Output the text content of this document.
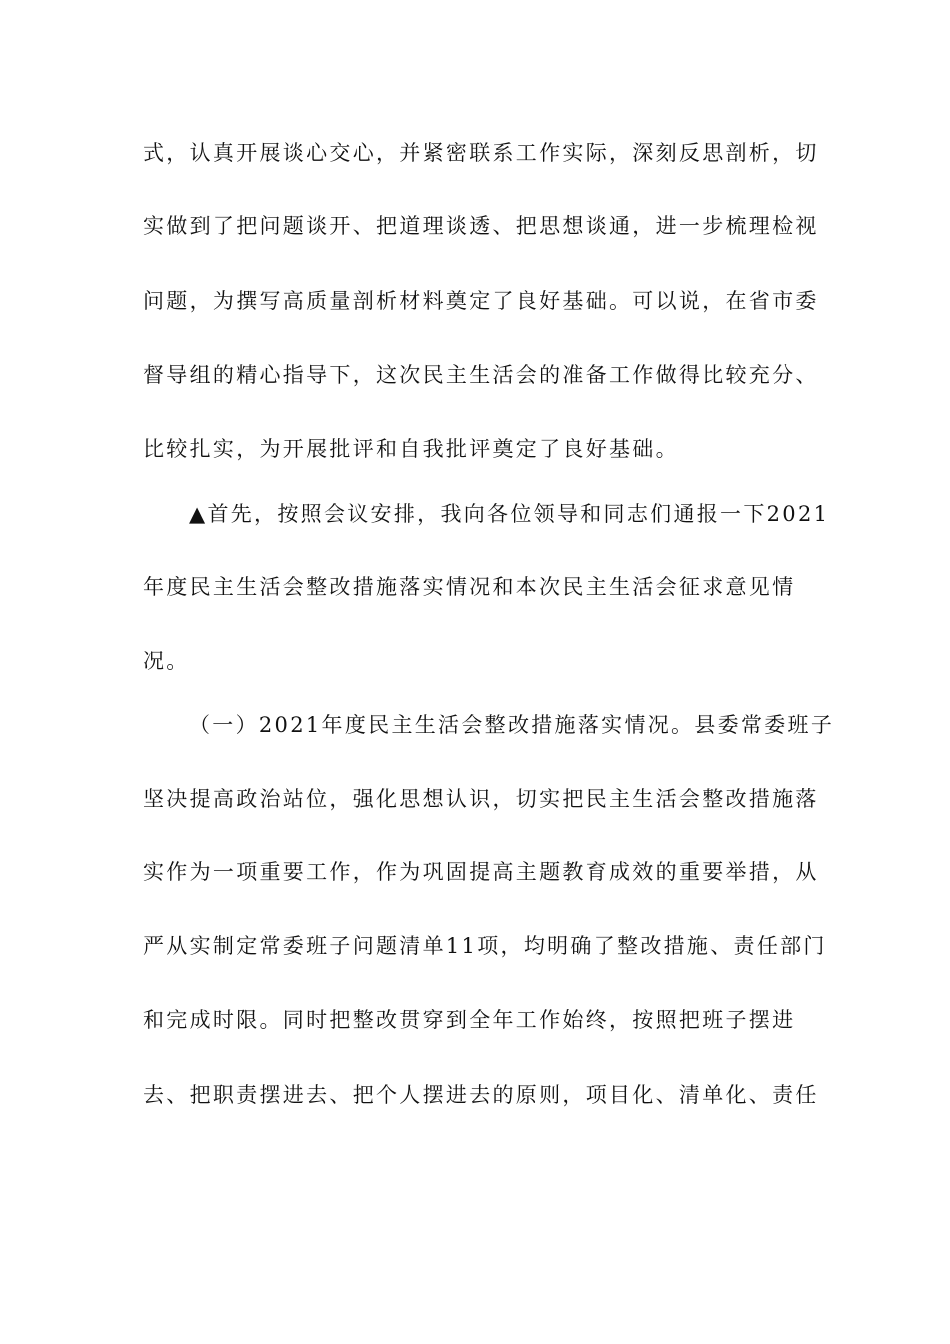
式，认真开展谈心交心，并紧密联系工作实际，深刻反思剖析，切
实做到了把问题谈开、把道理谈透、把思想谈通，进一步梳理检视
问题，为撰写高质量剖析材料奠定了良好基础。可以说，在省市委
督导组的精心指导下，这次民主生活会的准备工作做得比较充分、
比较扎实，为开展批评和自我批评奠定了良好基础。
▲首先，按照会议安排，我向各位领导和同志们通报一下2021
年度民主生活会整改措施落实情况和本次民主生活会征求意见情
况。
（一）2021年度民主生活会整改措施落实情况。县委常委班子
坚决提高政治站位，强化思想认识，切实把民主生活会整改措施落
实作为一项重要工作，作为巩固提高主题教育成效的重要举措，从
严从实制定常委班子问题清单11项，均明确了整改措施、责任部门
和完成时限。同时把整改贯穿到全年工作始终，按照把班子摆进
去、把职责摆进去、把个人摆进去的原则，项目化、清单化、责任
